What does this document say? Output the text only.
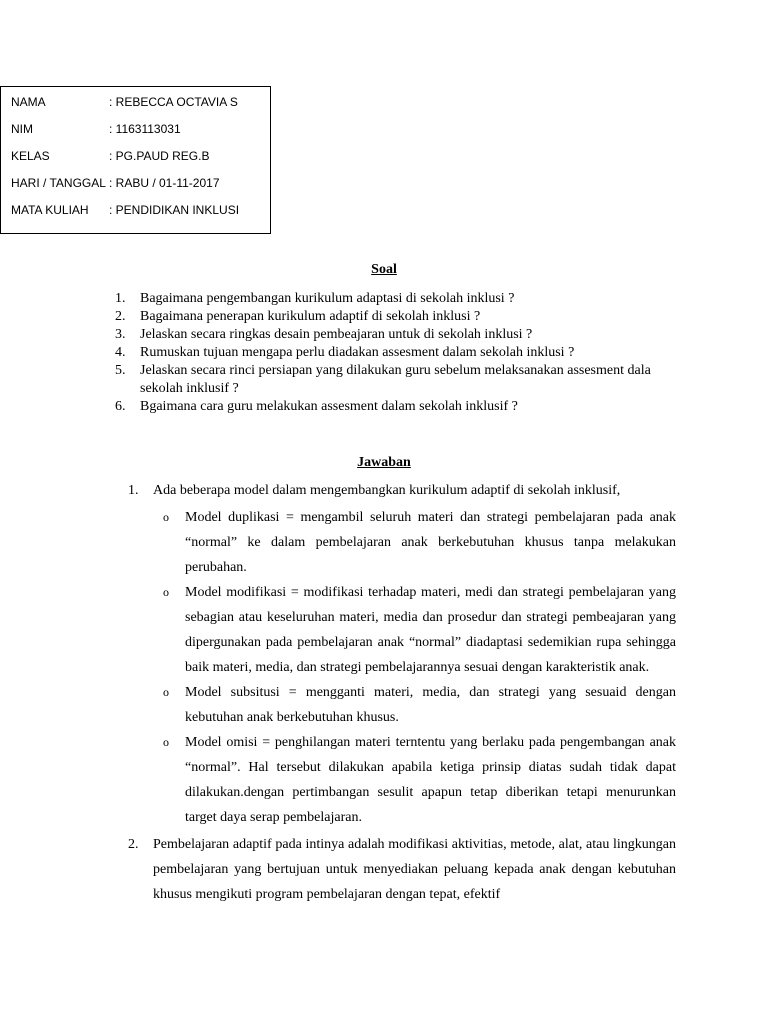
NAMA	: REBECCA OCTAVIA S
NIM	: 1163113031
KELAS	: PG.PAUD REG.B
HARI / TANGGAL : RABU / 01-11-2017
MATA KULIAH : PENDIDIKAN INKLUSI
Soal
1. Bagaimana pengembangan kurikulum adaptasi di sekolah inklusi ?
2. Bagaimana penerapan kurikulum adaptif di sekolah inklusi ?
3. Jelaskan secara ringkas desain pembeajaran untuk di sekolah inklusi ?
4. Rumuskan tujuan mengapa perlu diadakan assesment dalam sekolah inklusi ?
5. Jelaskan secara rinci persiapan yang dilakukan guru sebelum melaksanakan assesment dala sekolah inklusif ?
6. Bgaimana cara guru melakukan assesment dalam sekolah inklusif ?
Jawaban
1. Ada beberapa model dalam mengembangkan kurikulum adaptif di sekolah inklusif,
o Model duplikasi = mengambil seluruh materi dan strategi pembelajaran pada anak “normal” ke dalam pembelajaran anak berkebutuhan khusus tanpa melakukan perubahan.
o Model modifikasi = modifikasi terhadap materi, medi dan strategi pembelajaran yang sebagian atau keseluruhan materi, media dan prosedur dan strategi pembeajaran yang dipergunakan pada pembelajaran anak “normal” diadaptasi sedemikian rupa sehingga baik materi, media, dan strategi pembelajarannya sesuai dengan karakteristik anak.
o Model subsitusi = mengganti materi, media, dan strategi yang sesuaid dengan kebutuhan anak berkebutuhan khusus.
o Model omisi = penghilangan materi terntentu yang berlaku pada pengembangan anak “normal”. Hal tersebut dilakukan apabila ketiga prinsip diatas sudah tidak dapat dilakukan.dengan pertimbangan sesulit apapun tetap diberikan tetapi menurunkan target daya serap pembelajaran.
2. Pembelajaran adaptif pada intinya adalah modifikasi aktivitias, metode, alat, atau lingkungan pembelajaran yang bertujuan untuk menyediakan peluang kepada anak dengan kebutuhan khusus mengikuti program pembelajaran dengan tepat, efektif
